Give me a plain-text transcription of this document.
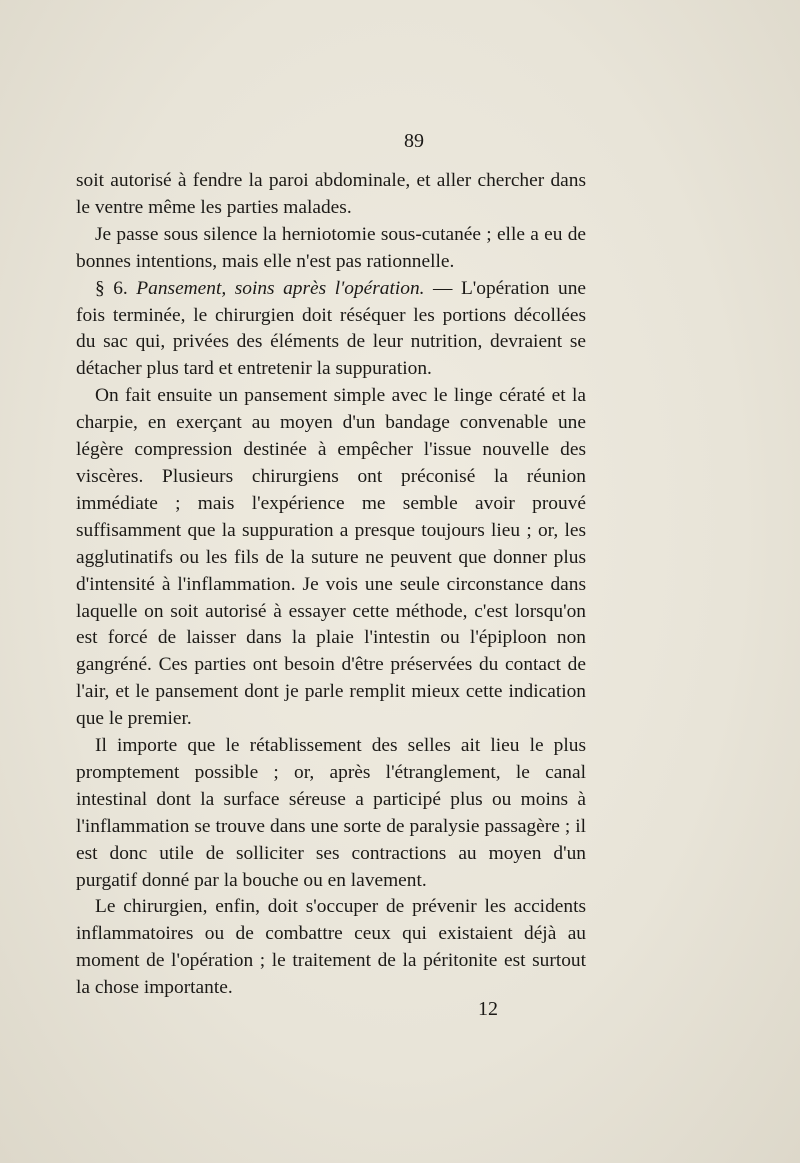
89

soit autorisé à fendre la paroi abdominale, et aller chercher dans le ventre même les parties malades.

Je passe sous silence la herniotomie sous-cutanée ; elle a eu de bonnes intentions, mais elle n'est pas rationnelle.

§ 6. Pansement, soins après l'opération. — L'opération une fois terminée, le chirurgien doit réséquer les portions décollées du sac qui, privées des éléments de leur nutrition, devraient se détacher plus tard et entretenir la suppuration.

On fait ensuite un pansement simple avec le linge cératé et la charpie, en exerçant au moyen d'un bandage convenable une légère compression destinée à empêcher l'issue nouvelle des viscères. Plusieurs chirurgiens ont préconisé la réunion immédiate ; mais l'expérience me semble avoir prouvé suffisamment que la suppuration a presque toujours lieu ; or, les agglutinatifs ou les fils de la suture ne peuvent que donner plus d'intensité à l'inflammation. Je vois une seule circonstance dans laquelle on soit autorisé à essayer cette méthode, c'est lorsqu'on est forcé de laisser dans la plaie l'intestin ou l'épiploon non gangréné. Ces parties ont besoin d'être préservées du contact de l'air, et le pansement dont je parle remplit mieux cette indication que le premier.

Il importe que le rétablissement des selles ait lieu le plus promptement possible ; or, après l'étranglement, le canal intestinal dont la surface séreuse a participé plus ou moins à l'inflammation se trouve dans une sorte de paralysie passagère ; il est donc utile de solliciter ses contractions au moyen d'un purgatif donné par la bouche ou en lavement.

Le chirurgien, enfin, doit s'occuper de prévenir les accidents inflammatoires ou de combattre ceux qui existaient déjà au moment de l'opération ; le traitement de la péritonite est surtout la chose importante.

12
